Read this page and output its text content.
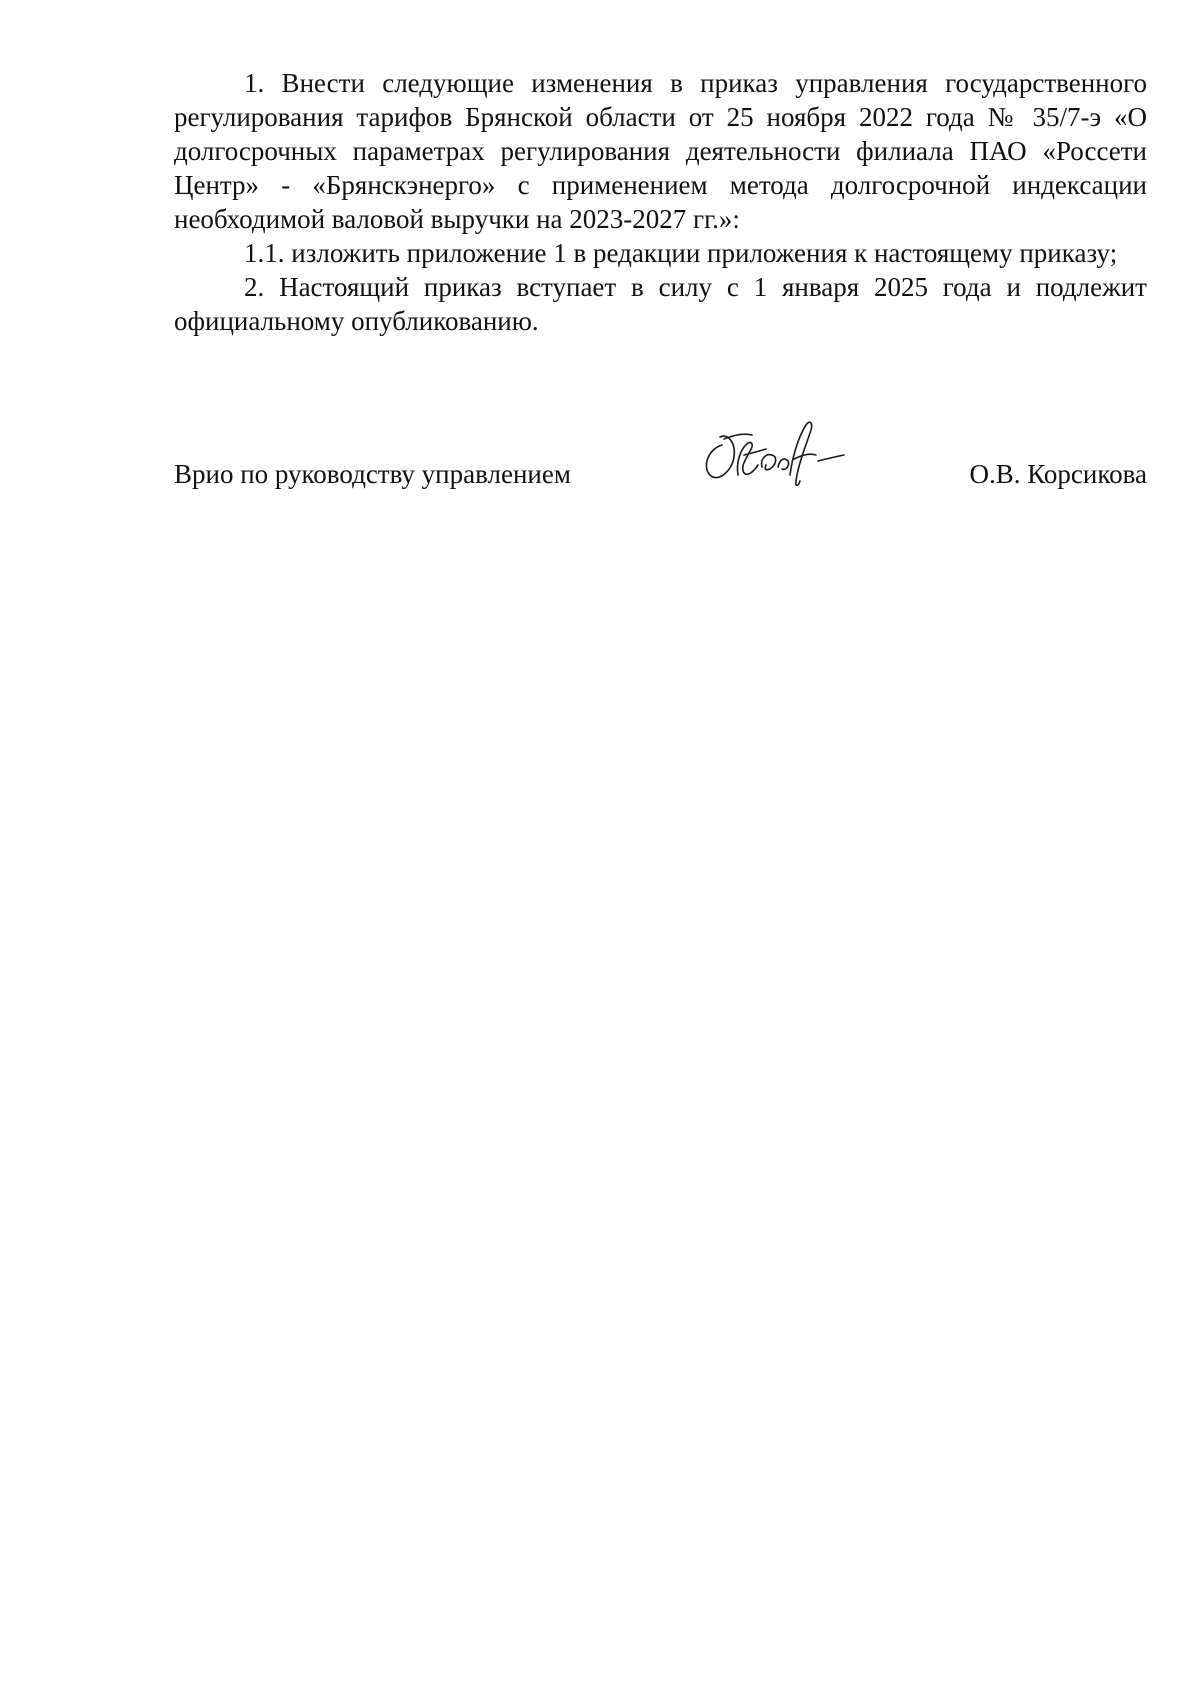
1. Внести следующие изменения в приказ управления государственного регулирования тарифов Брянской области от 25 ноября 2022 года № 35/7-э «О долгосрочных параметрах регулирования деятельности филиала ПАО «Россети Центр» - «Брянскэнерго» с применением метода долгосрочной индексации необходимой валовой выручки на 2023-2027 гг.»:

1.1. изложить приложение 1 в редакции приложения к настоящему приказу;

2. Настоящий приказ вступает в силу с 1 января 2025 года и подлежит официальному опубликованию.

Врио по руководству управлением	О.В. Корсикова
